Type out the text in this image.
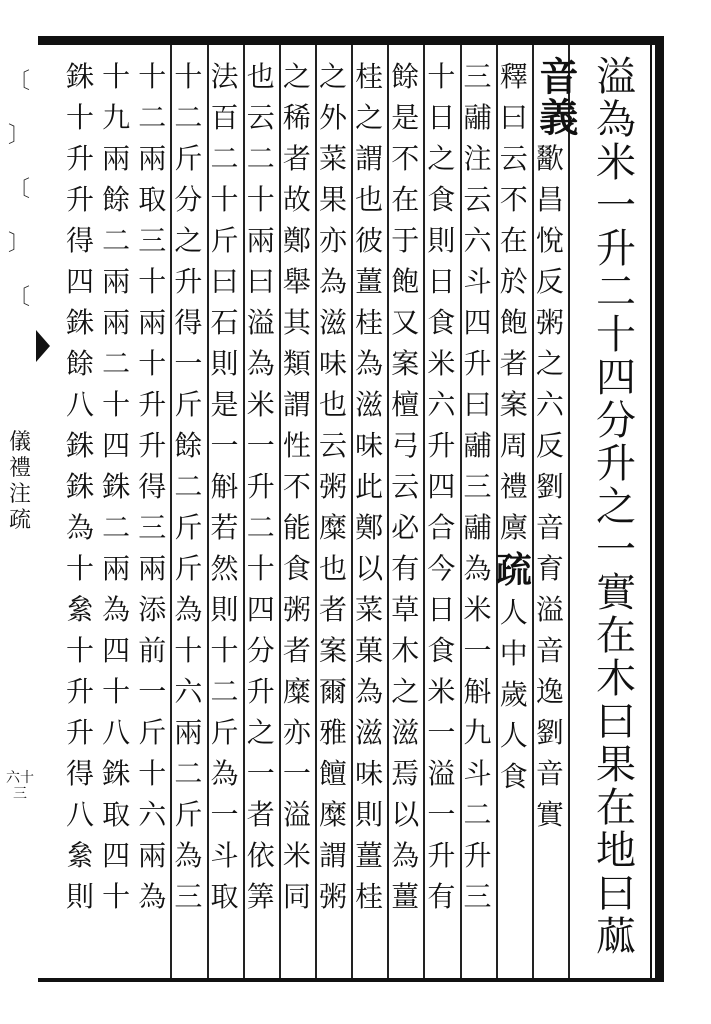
〔 〕 〔 〕 〔
儀禮注疏
六十三
溢
為
米
一
升
二
十
四
分
升
之
一
實
在
木
曰
果
在
地
曰
蓏
音義
歠
昌
悅
反
粥
之
六
反
劉
音
育
溢
音
逸
劉
音
實
釋
曰
云
不
在
於
飽
者
案
周
禮
廪
疏
人
中
歲
人
食
三
鬴
注
云
六
斗
四
升
曰
鬴
三
鬴
為
米
一
斛
九
斗
二
升
三
十
日
之
食
則
日
食
米
六
升
四
合
今
日
食
米
一
溢
一
升
有
餘
是
不
在
于
飽
又
案
檀
弓
云
必
有
草
木
之
滋
焉
以
為
薑
桂
之
謂
也
彼
薑
桂
為
滋
味
此
鄭
以
菜
菓
為
滋
味
則
薑
桂
之
外
菜
果
亦
為
滋
味
也
云
粥
糜
也
者
案
爾
雅
饘
糜
謂
粥
之
稀
者
故
鄭
舉
其
類
謂
性
不
能
食
粥
者
糜
亦
一
溢
米
同
也
云
二
十
兩
曰
溢
為
米
一
升
二
十
四
分
升
之
一
者
依
筭
法
百
二
十
斤
曰
石
則
是
一
斛
若
然
則
十
二
斤
為
一
斗
取
十
二
斤
分
之
升
得
一
斤
餘
二
斤
斤
為
十
六
兩
二
斤
為
三
十
二
兩
取
三
十
兩
十
升
升
得
三
兩
添
前
一
斤
十
六
兩
為
十
九
兩
餘
二
兩
兩
二
十
四
銖
二
兩
為
四
十
八
銖
取
四
十
銖
十
升
升
得
四
銖
餘
八
銖
銖
為
十
絫
十
升
升
得
八
絫
則
